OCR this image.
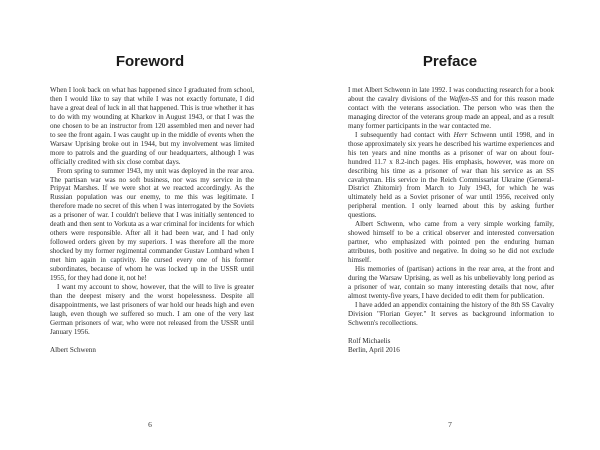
Foreword

When I look back on what has happened since I graduated from school, then I would like to say that while I was not exactly fortunate, I did have a great deal of luck in all that happened. This is true whether it has to do with my wounding at Kharkov in August 1943, or that I was the one chosen to be an instructor from 120 assembled men and never had to see the front again. I was caught up in the middle of events when the Warsaw Uprising broke out in 1944, but my involvement was limited more to patrols and the guarding of our headquarters, although I was officially credited with six close combat days.

From spring to summer 1943, my unit was deployed in the rear area. The partisan war was no soft business, nor was my service in the Pripyat Marshes. If we were shot at we reacted accordingly. As the Russian population was our enemy, to me this was legitimate. I therefore made no secret of this when I was interrogated by the Soviets as a prisoner of war. I couldn't believe that I was initially sentenced to death and then sent to Vorkuta as a war criminal for incidents for which others were responsible. After all it had been war, and I had only followed orders given by my superiors. I was therefore all the more shocked by my former regimental commander Gustav Lombard when I met him again in captivity. He cursed every one of his former subordinates, because of whom he was locked up in the USSR until 1955, for they had done it, not he!

I want my account to show, however, that the will to live is greater than the deepest misery and the worst hopelessness. Despite all disappointments, we last prisoners of war hold our heads high and even laugh, even though we suffered so much. I am one of the very last German prisoners of war, who were not released from the USSR until January 1956.

Albert Schwenn

6
Preface

I met Albert Schwenn in late 1992. I was conducting research for a book about the cavalry divisions of the Waffen-SS and for this reason made contact with the veterans association. The person who was then the managing director of the veterans group made an appeal, and as a result many former participants in the war contacted me.

I subsequently had contact with Herr Schwenn until 1998, and in those approximately six years he described his wartime experiences and his ten years and nine months as a prisoner of war on about four-hundred 11.7 x 8.2-inch pages. His emphasis, however, was more on describing his time as a prisoner of war than his service as an SS cavalryman. His service in the Reich Commissariat Ukraine (General-District Zhitomir) from March to July 1943, for which he was ultimately held as a Soviet prisoner of war until 1956, received only peripheral mention. I only learned about this by asking further questions.

Albert Schwenn, who came from a very simple working family, showed himself to be a critical observer and interested conversation partner, who emphasized with pointed pen the enduring human attributes, both positive and negative. In doing so he did not exclude himself.

His memories of (partisan) actions in the rear area, at the front and during the Warsaw Uprising, as well as his unbelievably long period as a prisoner of war, contain so many interesting details that now, after almost twenty-five years, I have decided to edit them for publication.

I have added an appendix containing the history of the 8th SS Cavalry Division "Florian Geyer." It serves as background information to Schwenn's recollections.

Rolf Michaelis
Berlin, April 2016

7
